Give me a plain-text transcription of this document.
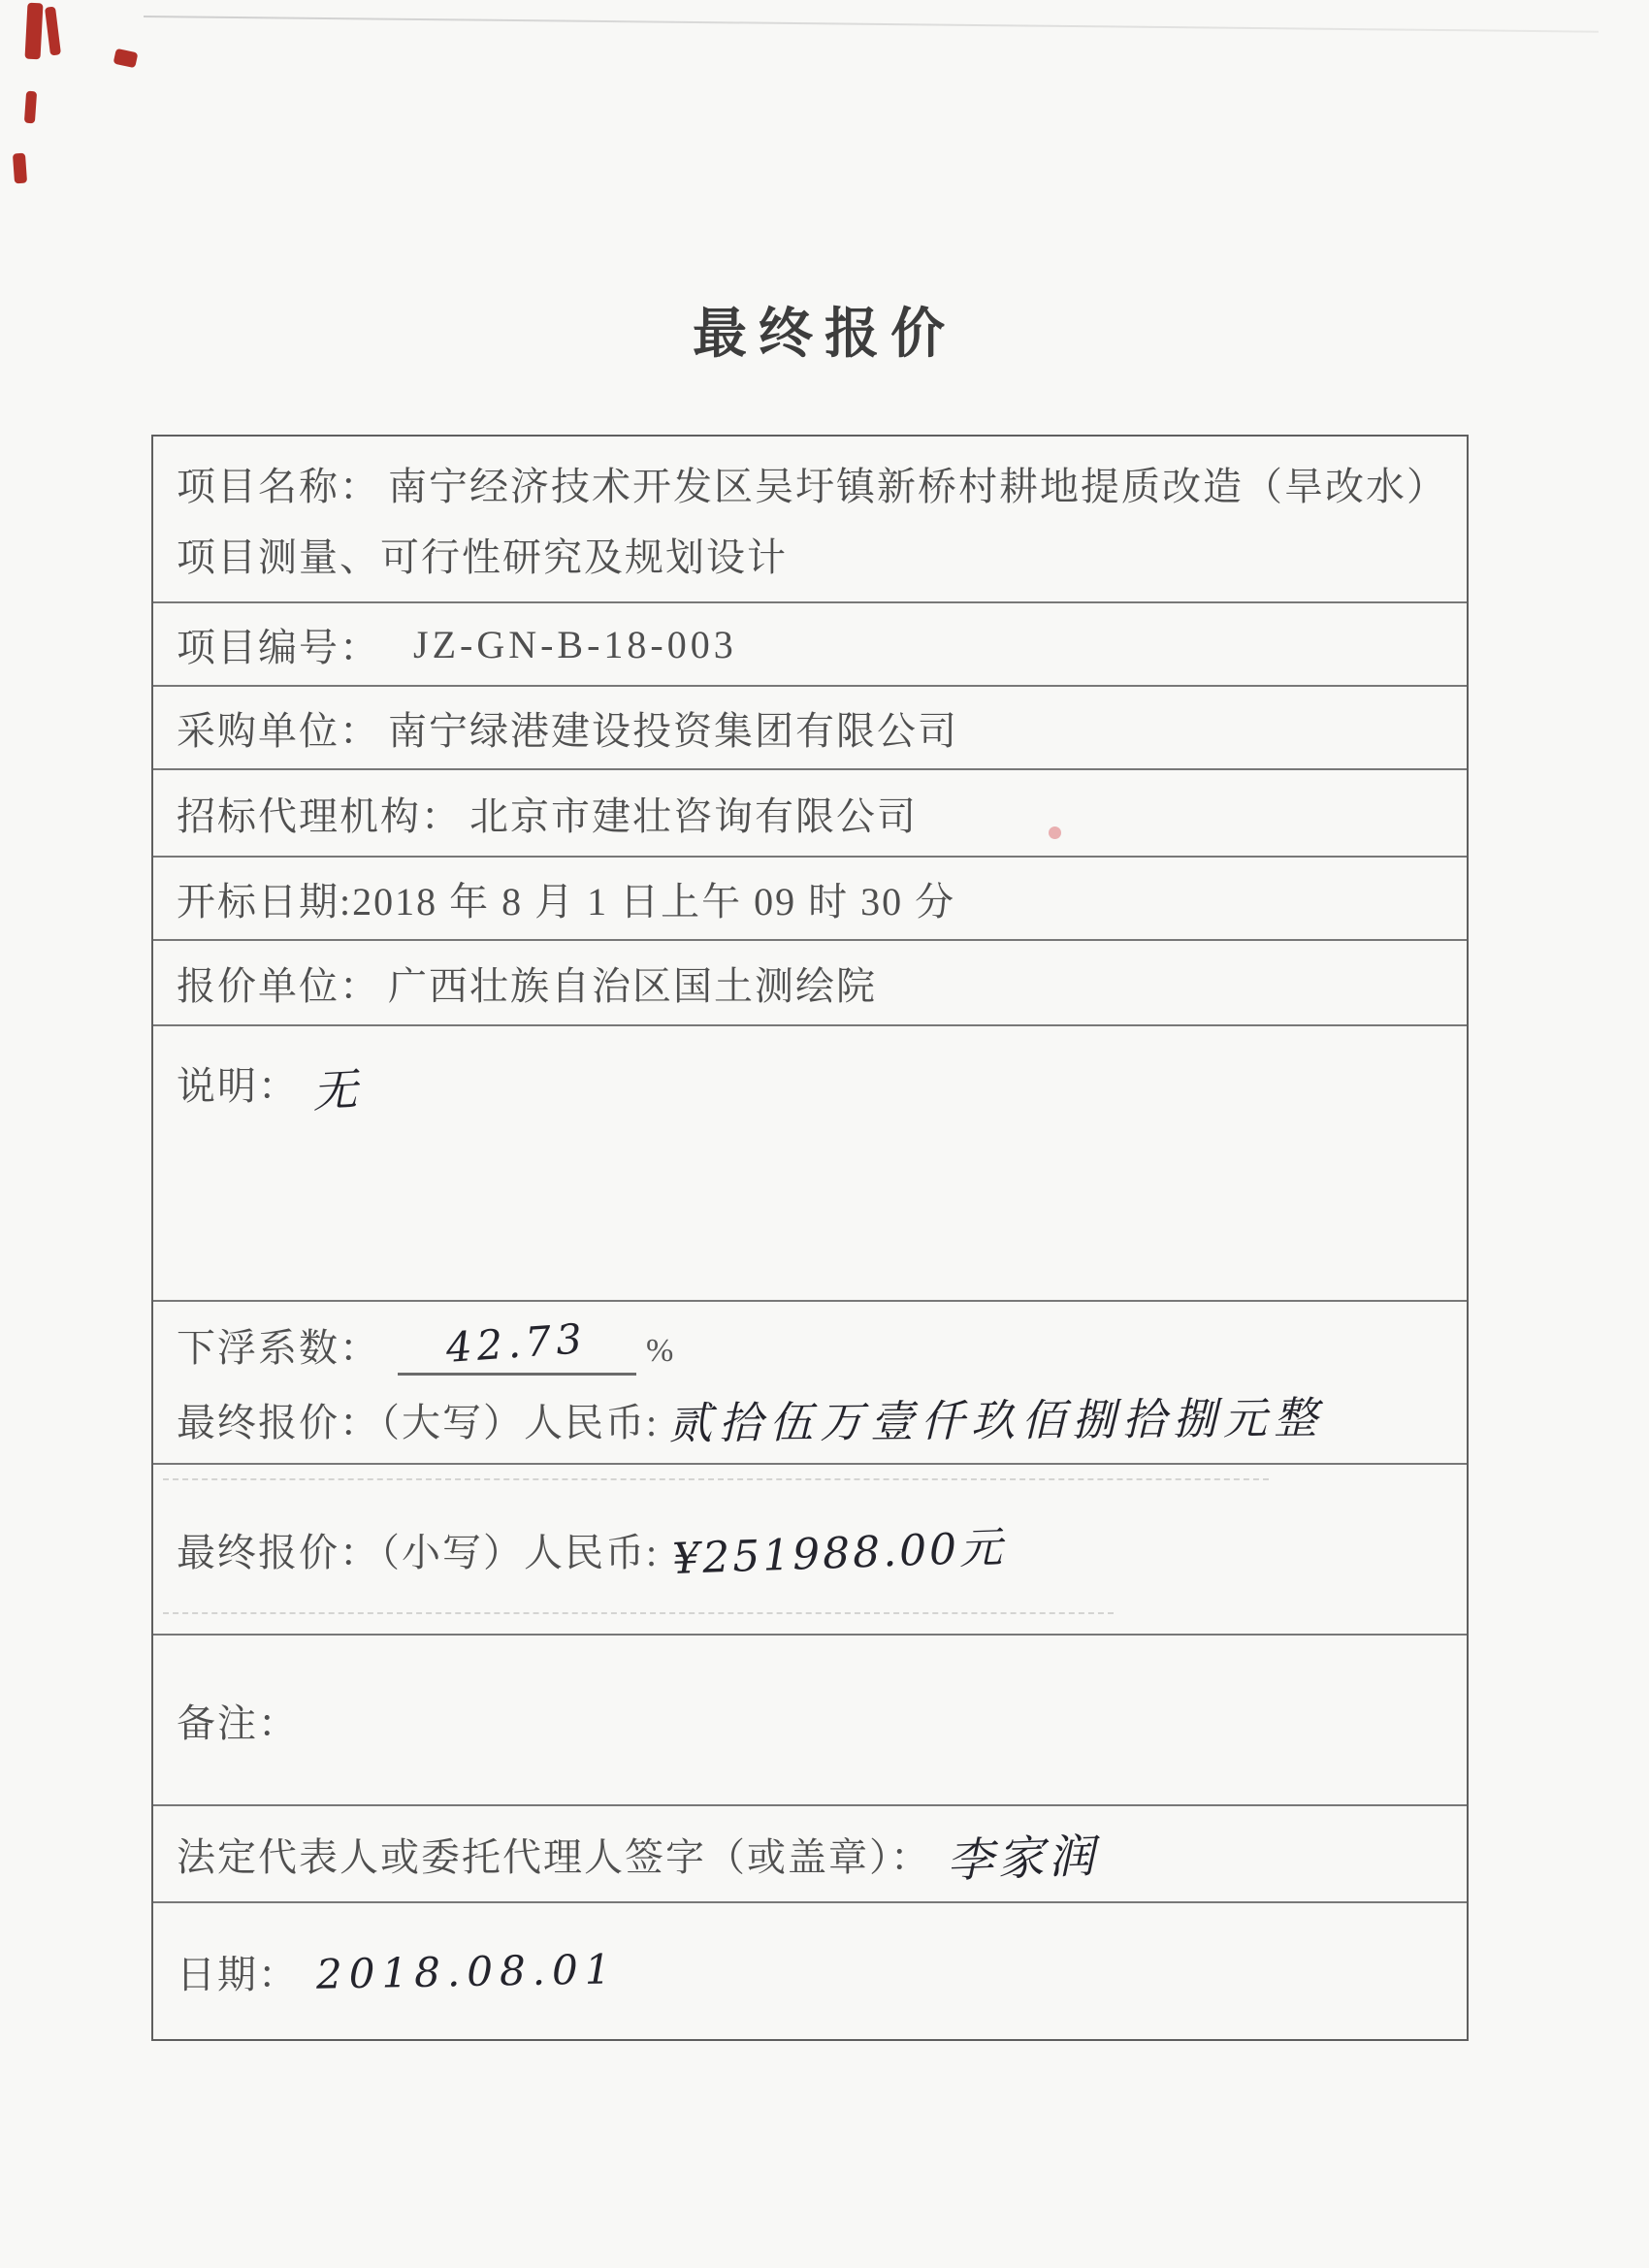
最终报价
项目名称： 南宁经济技术开发区吴圩镇新桥村耕地提质改造（旱改水）
项目测量、可行性研究及规划设计
项目编号： JZ-GN-B-18-003
采购单位： 南宁绿港建设投资集团有限公司
招标代理机构： 北京市建壮咨询有限公司
开标日期: 2018 年 8 月 1 日上午 09 时 30 分
报价单位： 广西壮族自治区国土测绘院
说明： 无
下浮系数：	42.73	%
最终报价：（大写）人民币: 贰拾伍万壹仟玖佰捌拾捌元整
最终报价：（小写）人民币: ¥251988.00元
备注：
法定代表人或委托代理人签字（或盖章）： 李家润
日期： 2018.08.01
